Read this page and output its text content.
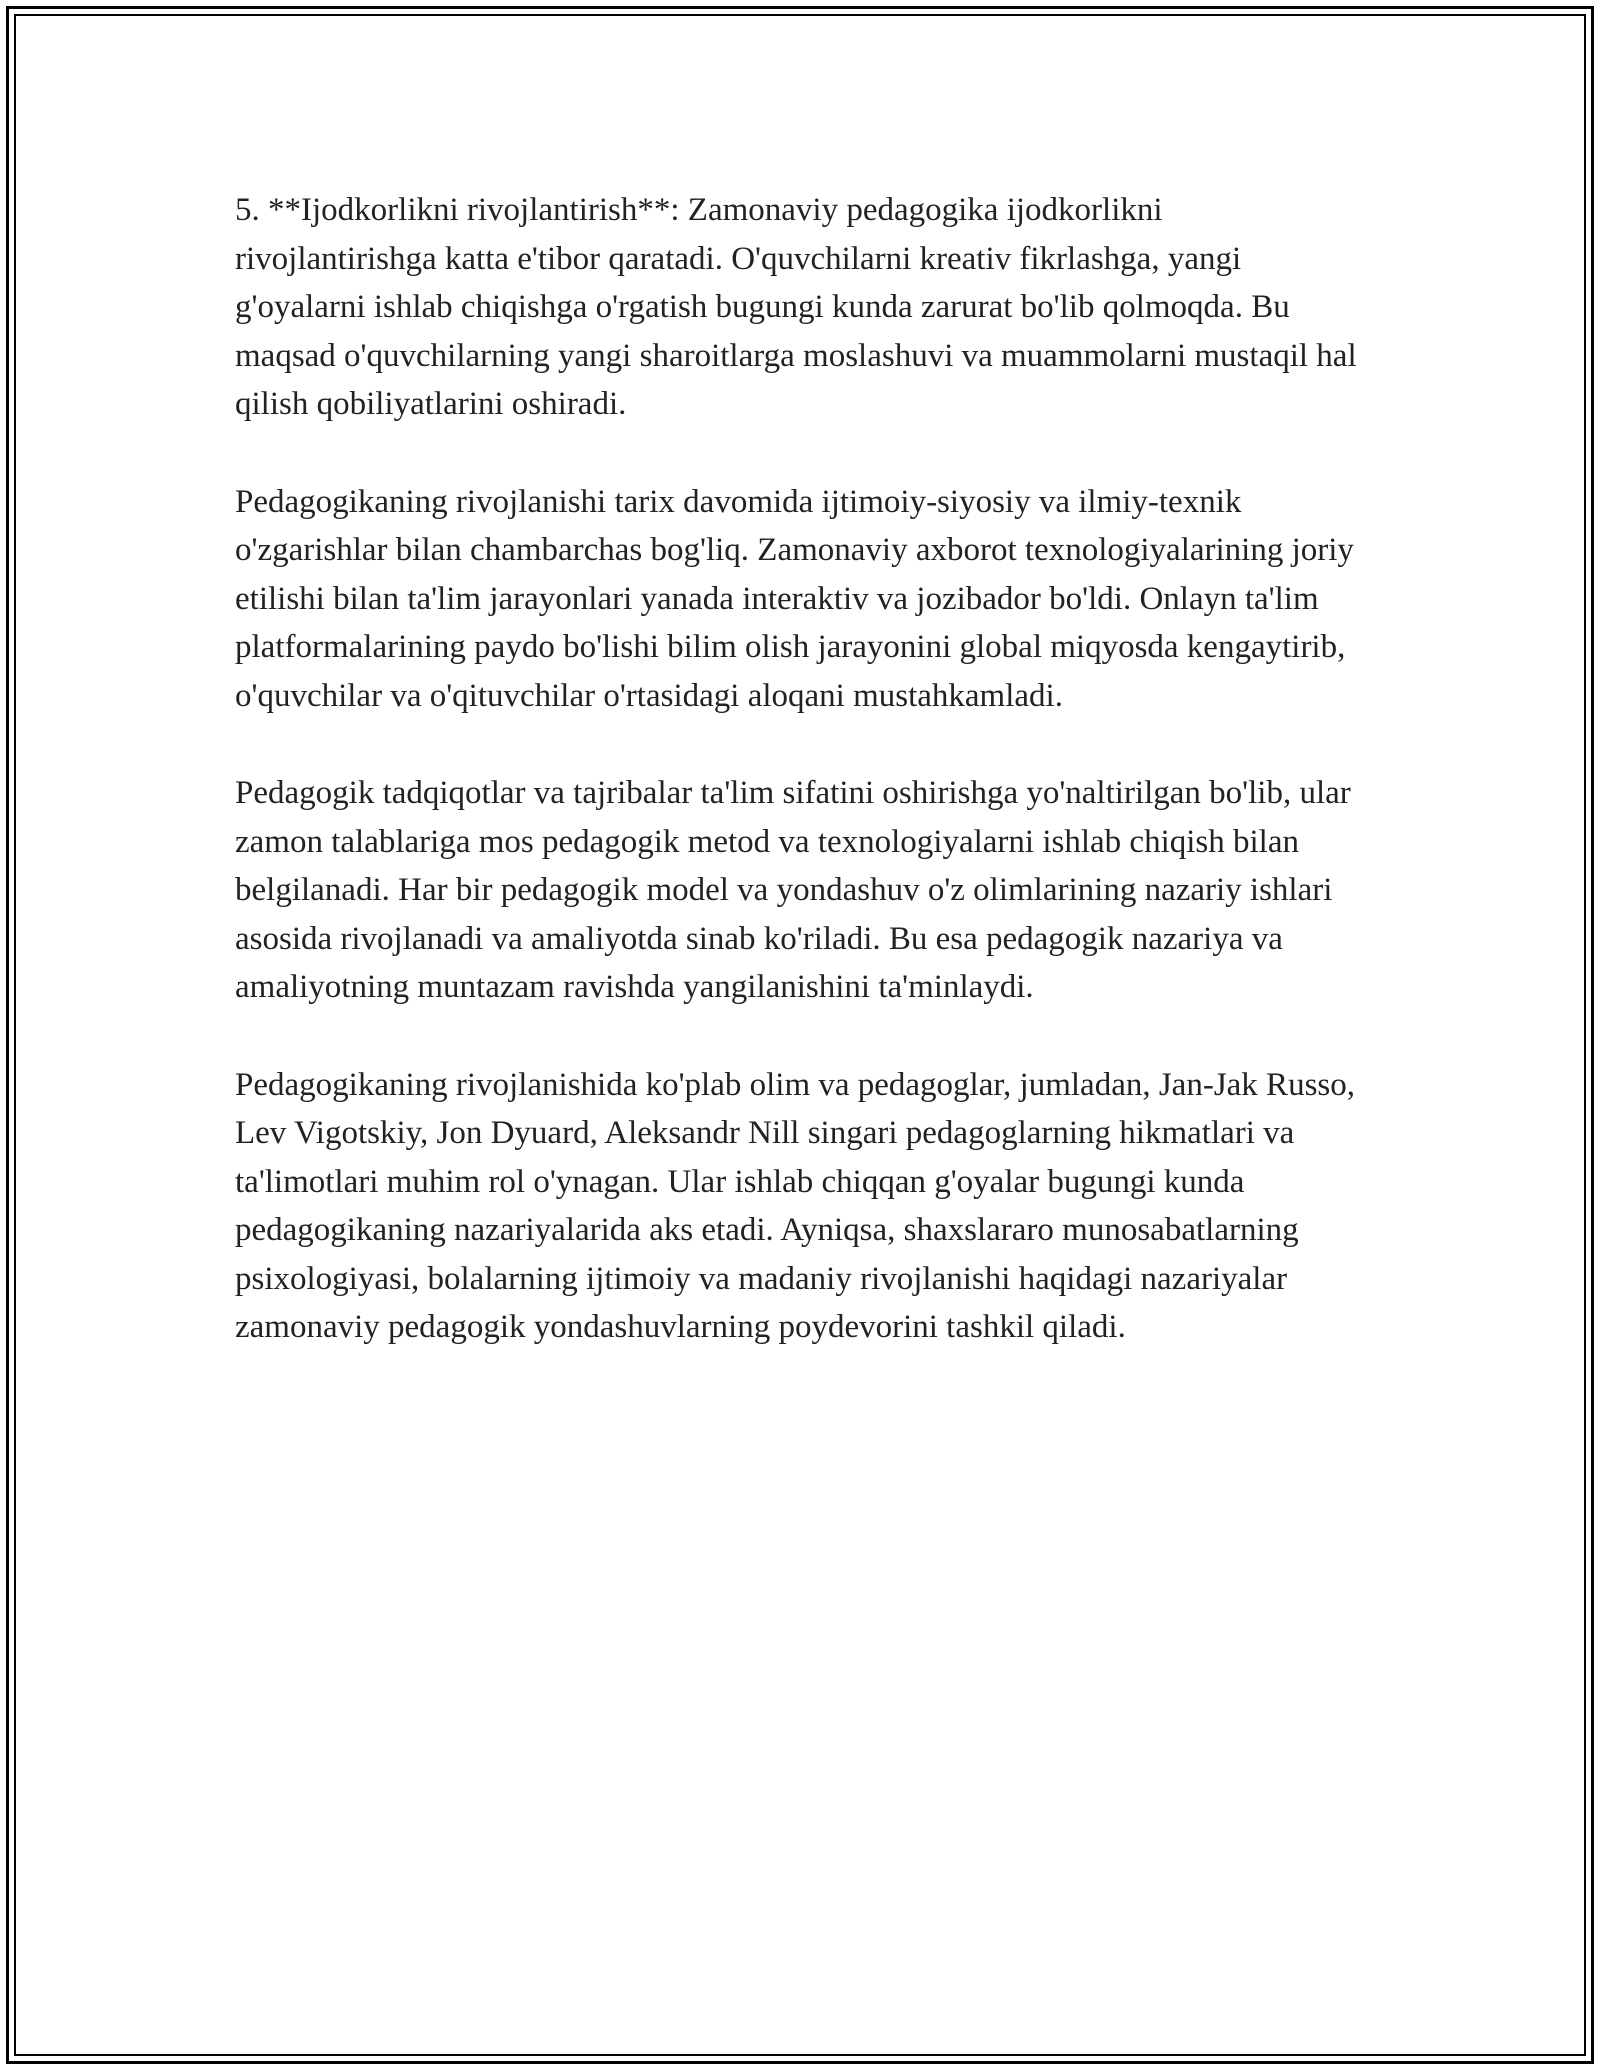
5. **Ijodkorlikni rivojlantirish**: Zamonaviy pedagogika ijodkorlikni rivojlantirishga katta e'tibor qaratadi. O'quvchilarni kreativ fikrlashga, yangi g'oyalarni ishlab chiqishga o'rgatish bugungi kunda zarurat bo'lib qolmoqda. Bu maqsad o'quvchilarning yangi sharoitlarga moslashuvi va muammolarni mustaqil hal qilish qobiliyatlarini oshiradi.

Pedagogikaning rivojlanishi tarix davomida ijtimoiy-siyosiy va ilmiy-texnik o'zgarishlar bilan chambarchas bog'liq. Zamonaviy axborot texnologiyalarining joriy etilishi bilan ta'lim jarayonlari yanada interaktiv va jozibador bo'ldi. Onlayn ta'lim platformalarining paydo bo'lishi bilim olish jarayonini global miqyosda kengaytirib, o'quvchilar va o'qituvchilar o'rtasidagi aloqani mustahkamladi.

Pedagogik tadqiqotlar va tajribalar ta'lim sifatini oshirishga yo'naltirilgan bo'lib, ular zamon talablariga mos pedagogik metod va texnologiyalarni ishlab chiqish bilan belgilanadi. Har bir pedagogik model va yondashuv o'z olimlarining nazariy ishlari asosida rivojlanadi va amaliyotda sinab ko'riladi. Bu esa pedagogik nazariya va amaliyotning muntazam ravishda yangilanishini ta'minlaydi.

Pedagogikaning rivojlanishida ko'plab olim va pedagoglar, jumladan, Jan-Jak Russo, Lev Vigotskiy, Jon Dyuard, Aleksandr Nill singari pedagoglarning hikmatlari va ta'limotlari muhim rol o'ynagan. Ular ishlab chiqqan g'oyalar bugungi kunda pedagogikaning nazariyalarida aks etadi. Ayniqsa, shaxslararo munosabatlarning psixologiyasi, bolalarning ijtimoiy va madaniy rivojlanishi haqidagi nazariyalar zamonaviy pedagogik yondashuvlarning poydevorini tashkil qiladi.
